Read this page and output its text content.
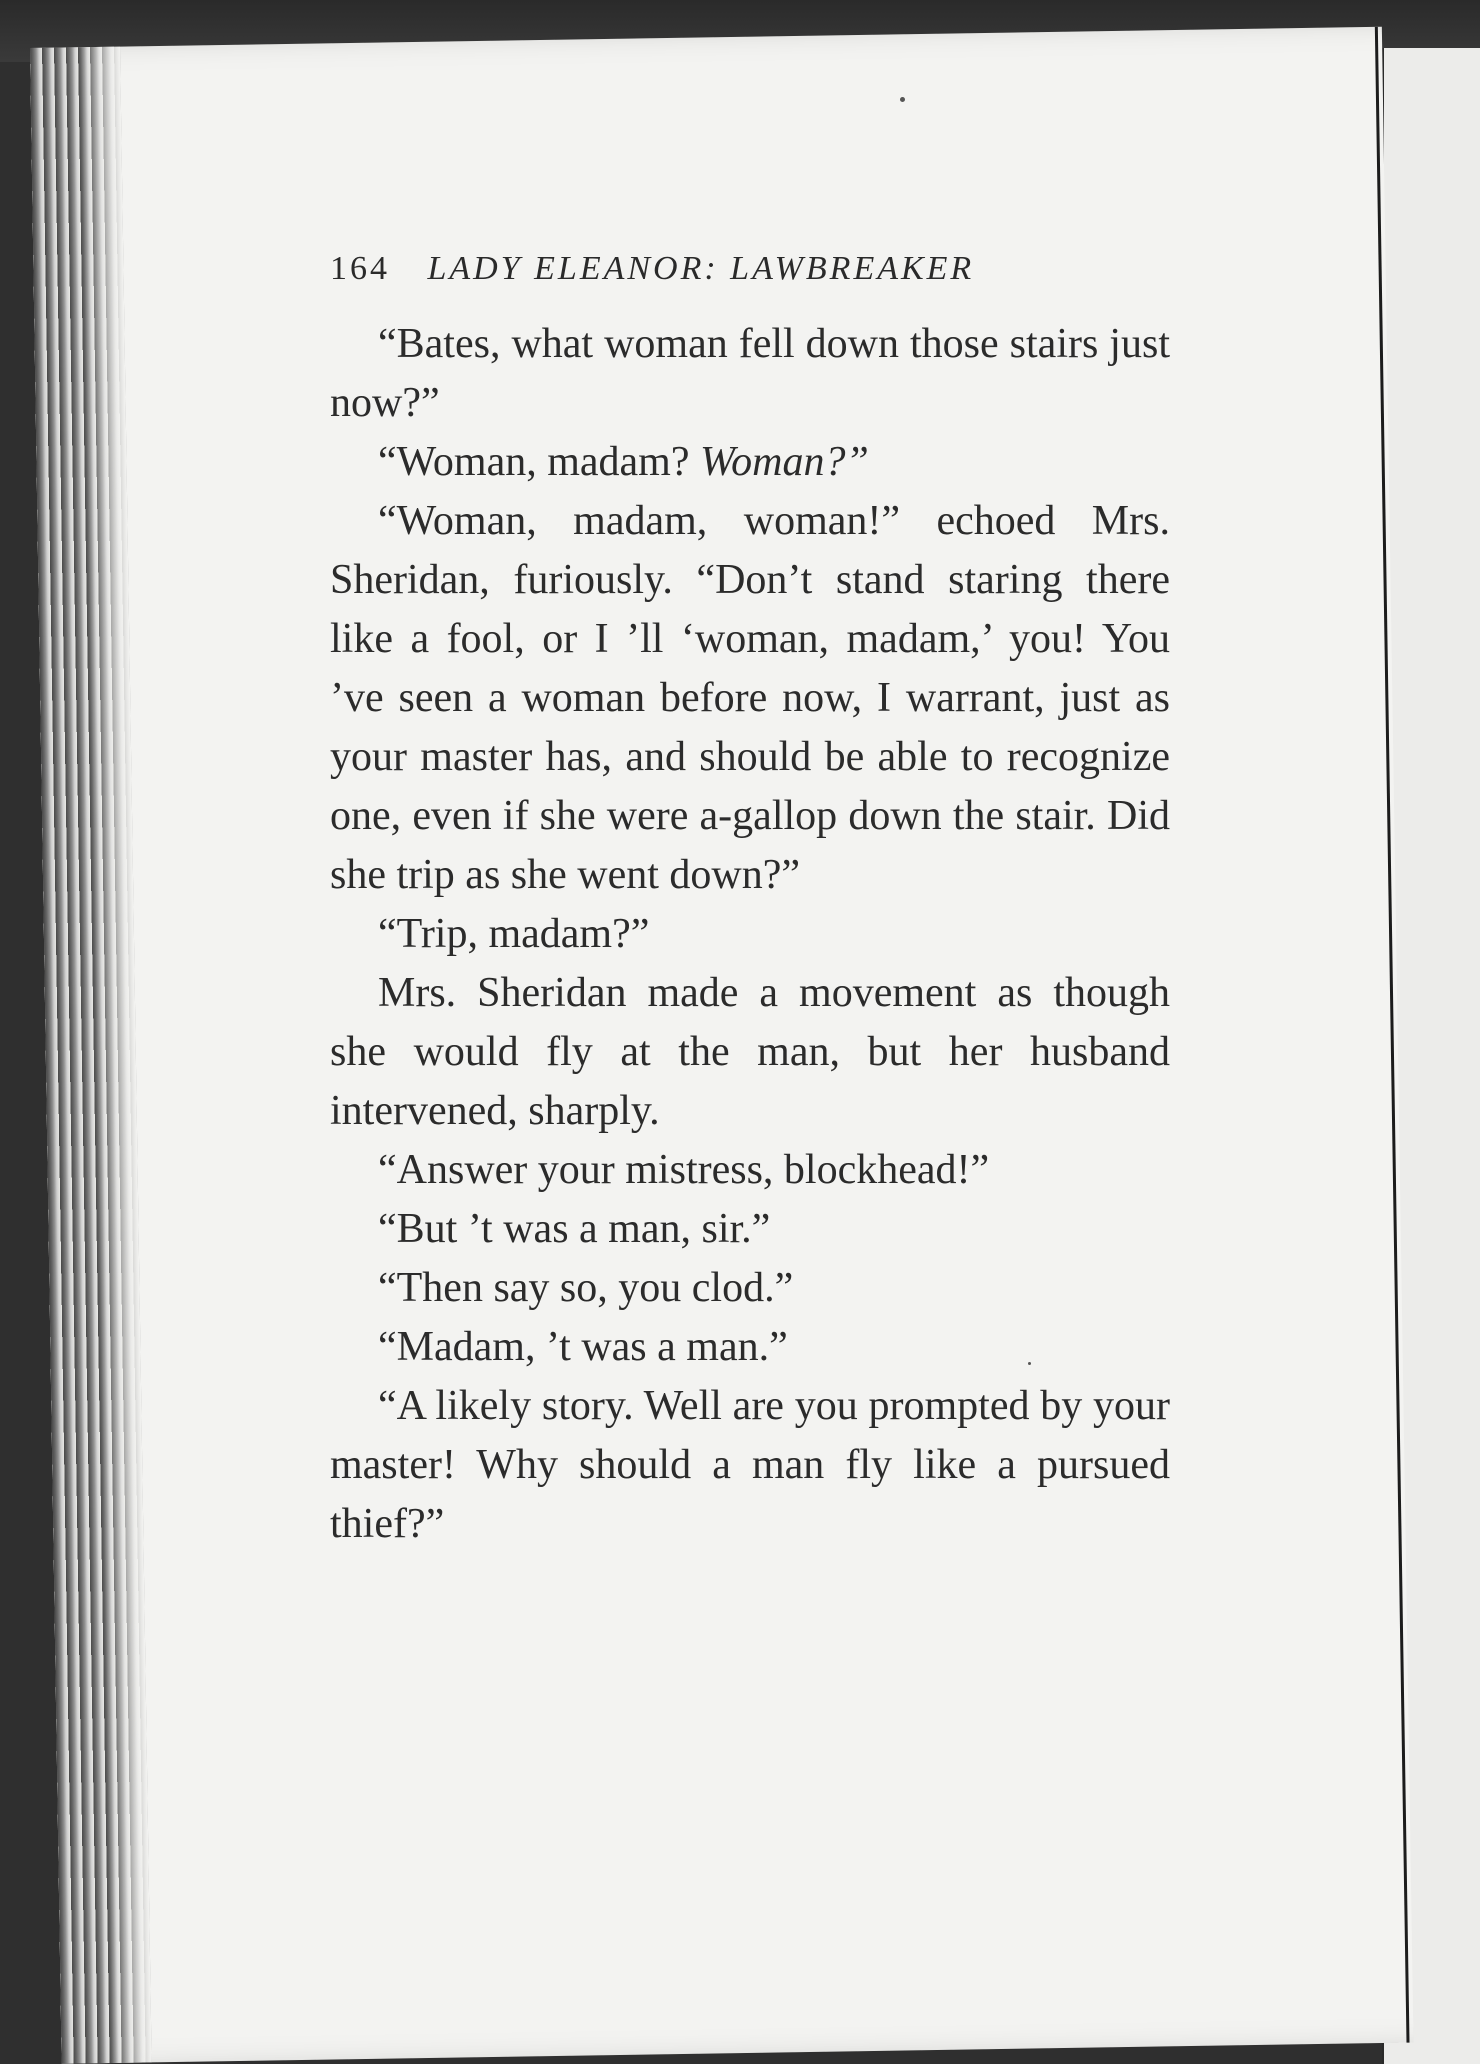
164 LADY ELEANOR: LAWBREAKER

“Bates, what woman fell down those stairs just now?”

“Woman, madam? Woman?”

“Woman, madam, woman!” echoed Mrs. Sheridan, furiously. “Don’t stand staring there like a fool, or I ’ll ‘woman, madam,’ you! You ’ve seen a woman before now, I warrant, just as your master has, and should be able to recognize one, even if she were a-gallop down the stair. Did she trip as she went down?”

“Trip, madam?”

Mrs. Sheridan made a movement as though she would fly at the man, but her husband intervened, sharply.

“Answer your mistress, blockhead!”

“But ’t was a man, sir.”

“Then say so, you clod.”

“Madam, ’t was a man.”

“A likely story. Well are you prompted by your master! Why should a man fly like a pursued thief?”
